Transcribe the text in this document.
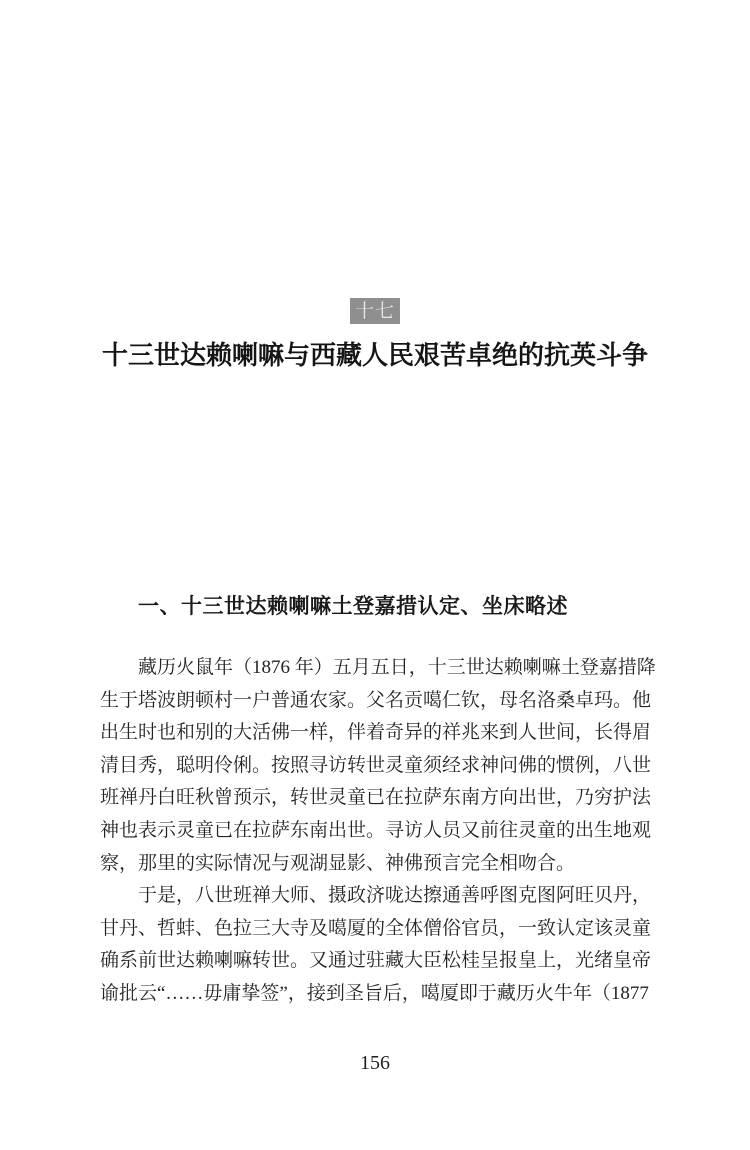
十七
十三世达赖喇嘛与西藏人民艰苦卓绝的抗英斗争
一、十三世达赖喇嘛土登嘉措认定、坐床略述

藏历火鼠年（1876 年）五月五日，十三世达赖喇嘛土登嘉措降

生于塔波朗顿村一户普通农家。父名贡噶仁钦，母名洛桑卓玛。他

出生时也和别的大活佛一样，伴着奇异的祥兆来到人世间，长得眉

清目秀，聪明伶俐。按照寻访转世灵童须经求神问佛的惯例，八世

班禅丹白旺秋曾预示，转世灵童已在拉萨东南方向出世，乃穷护法

神也表示灵童已在拉萨东南出世。寻访人员又前往灵童的出生地观

察，那里的实际情况与观湖显影、神佛预言完全相吻合。

于是，八世班禅大师、摄政济咙达擦通善呼图克图阿旺贝丹，

甘丹、哲蚌、色拉三大寺及噶厦的全体僧俗官员，一致认定该灵童

确系前世达赖喇嘛转世。又通过驻藏大臣松桂呈报皇上，光绪皇帝

谕批云“……毋庸挚签”，接到圣旨后，噶厦即于藏历火牛年（1877

156
